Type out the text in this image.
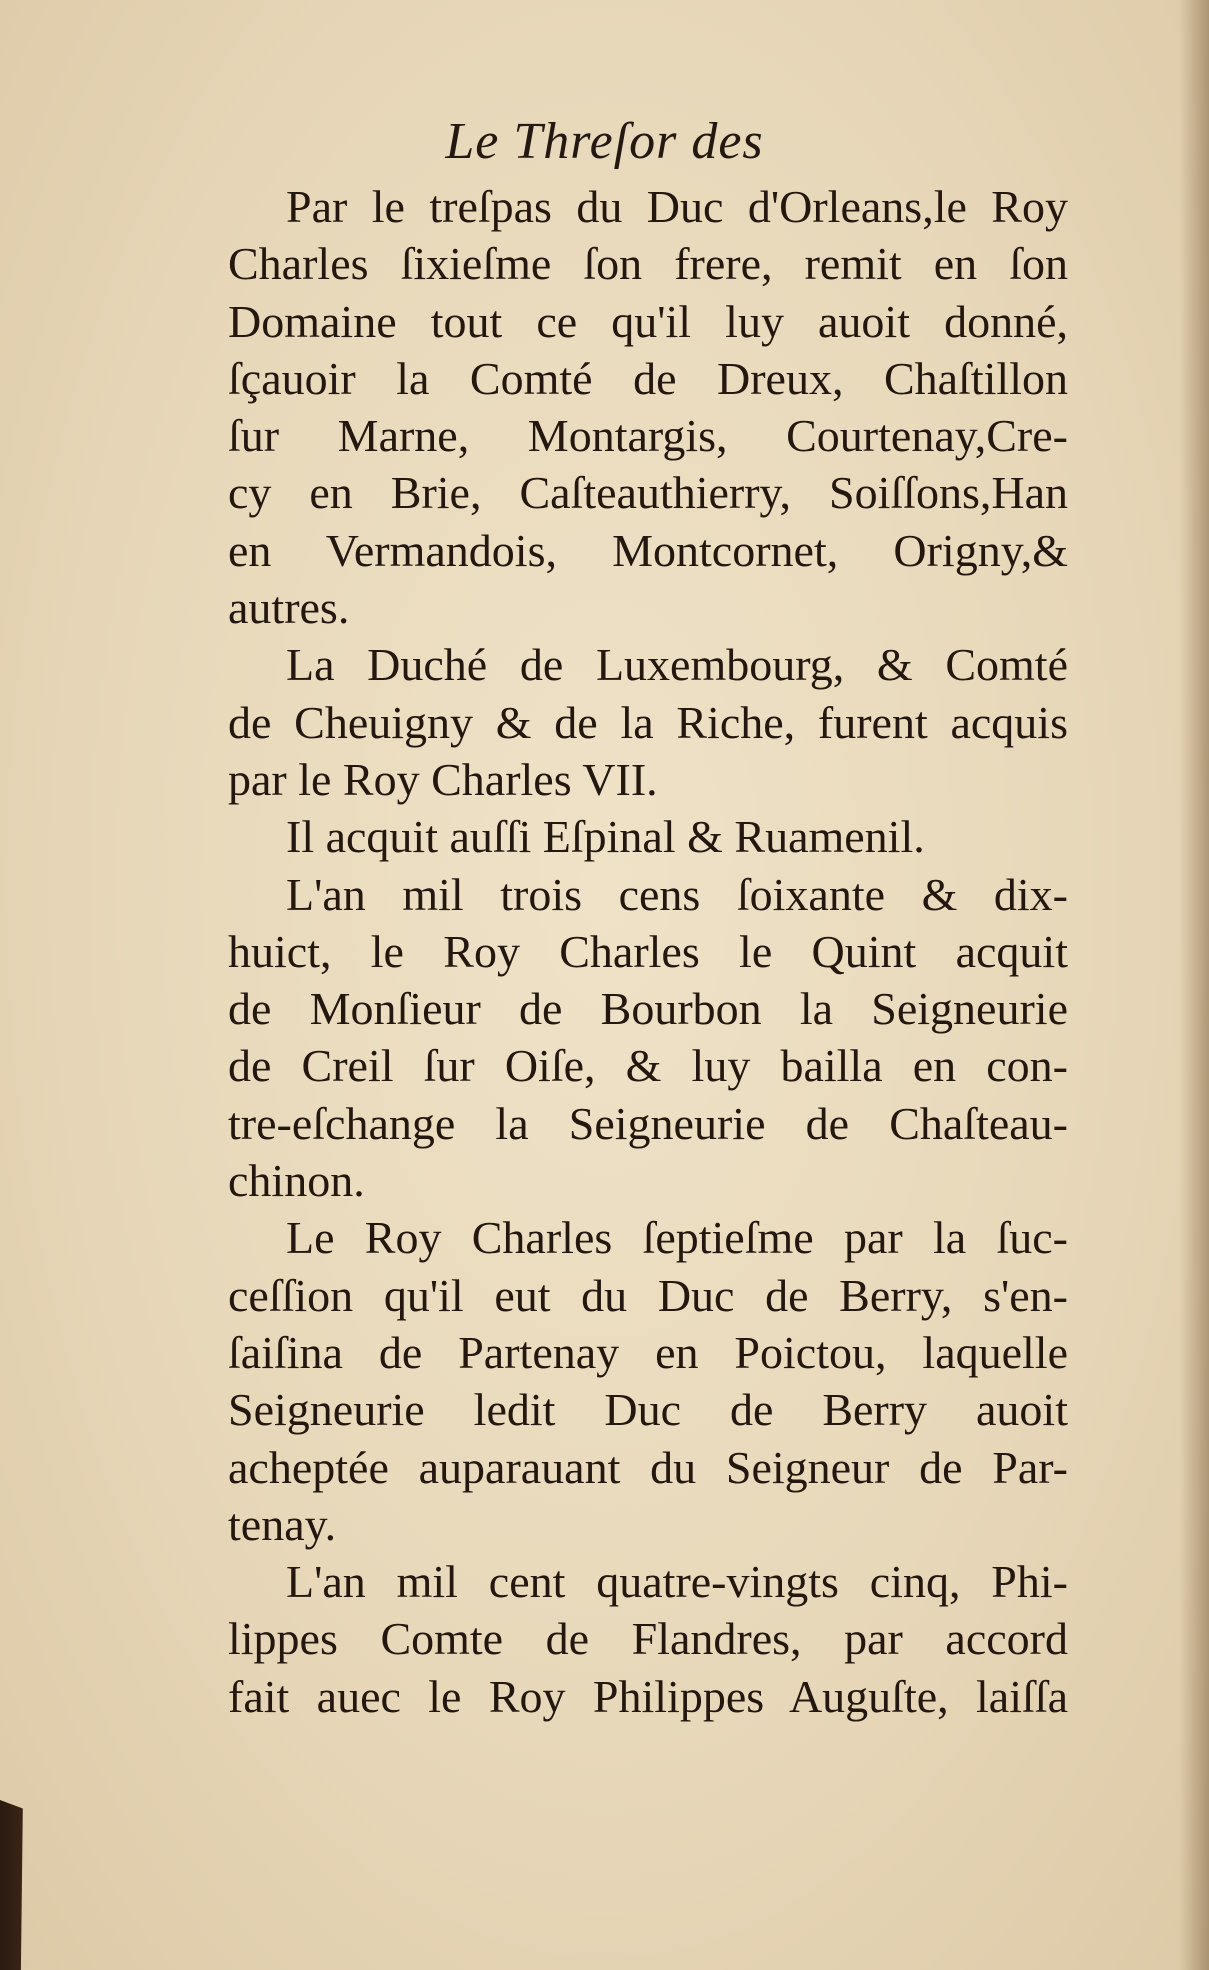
Le Threſor des
Par le treſpas du Duc d'Orleans,le Roy
Charles ſixieſme ſon frere, remit en ſon
Domaine tout ce qu'il luy auoit donné,
ſçauoir la Comté de Dreux, Chaſtillon
ſur Marne, Montargis, Courtenay,Cre-
cy en Brie, Caſteauthierry, Soiſſons,Han
en Vermandois, Montcornet, Origny,&
autres.
La Duché de Luxembourg, & Comté
de Cheuigny & de la Riche, furent acquis
par le Roy Charles VII.
Il acquit auſſi Eſpinal & Ruamenil.
L'an mil trois cens ſoixante & dix-
huict, le Roy Charles le Quint acquit
de Monſieur de Bourbon la Seigneurie
de Creil ſur Oiſe, & luy bailla en con-
tre-eſchange la Seigneurie de Chaſteau-
chinon.
Le Roy Charles ſeptieſme par la ſuc-
ceſſion qu'il eut du Duc de Berry, s'en-
ſaiſina de Partenay en Poictou, laquelle
Seigneurie ledit Duc de Berry auoit
acheptée auparauant du Seigneur de Par-
tenay.
L'an mil cent quatre-vingts cinq, Phi-
lippes Comte de Flandres, par accord
fait auec le Roy Philippes Auguſte, laiſſa
